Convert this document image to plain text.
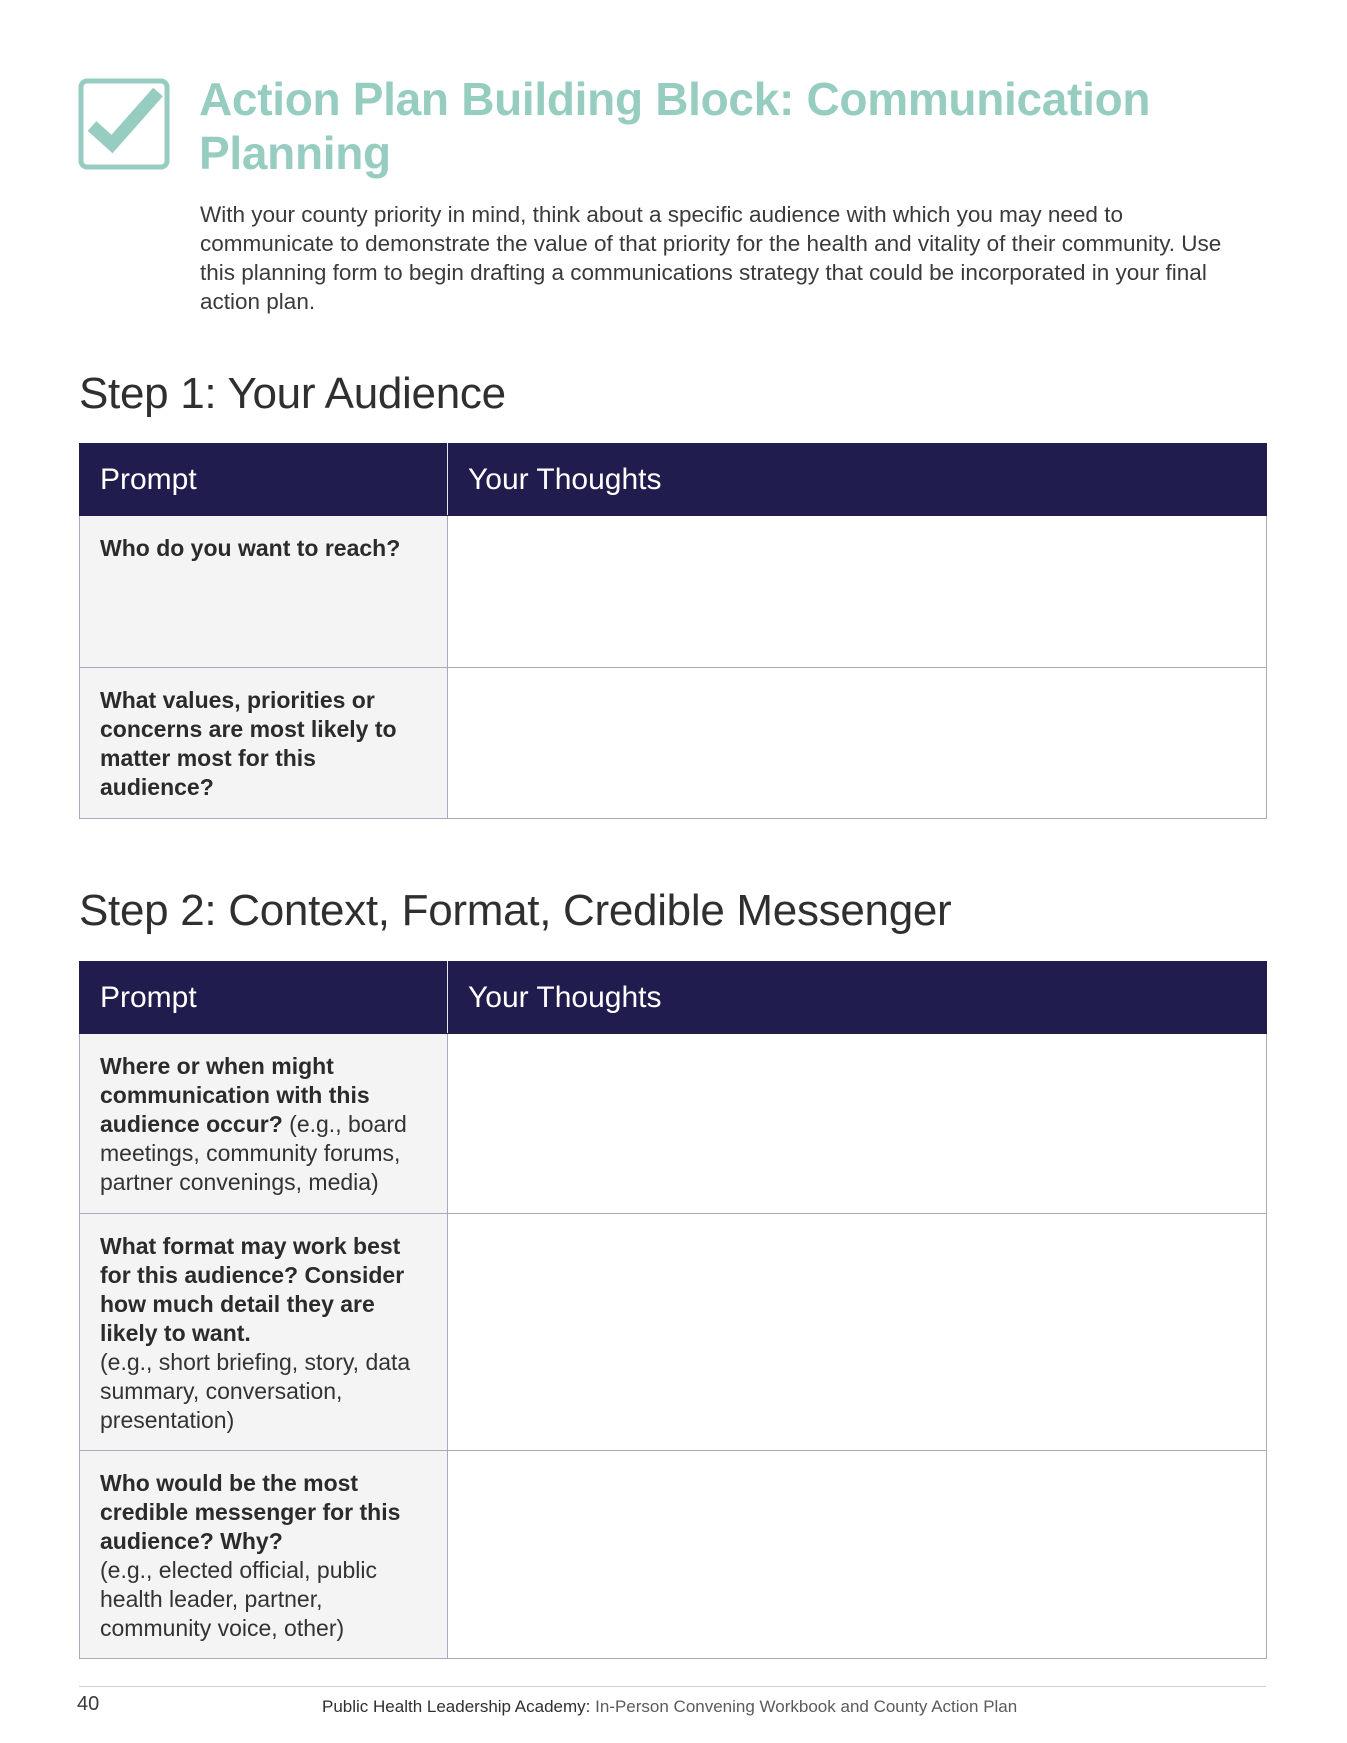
Action Plan Building Block: Communication
Planning

With your county priority in mind, think about a specific audience with which you may need to communicate to demonstrate the value of that priority for the health and vitality of their community. Use this planning form to begin drafting a communications strategy that could be incorporated in your final action plan.

Step 1: Your Audience
Prompt	Your Thoughts
Who do you want to reach?	
What values, priorities or concerns are most likely to matter most for this audience?	
Step 2: Context, Format, Credible Messenger
Prompt	Your Thoughts
Where or when might communication with this audience occur? (e.g., board meetings, community forums, partner convenings, media)	
What format may work best for this audience? Consider how much detail they are likely to want.
(e.g., short briefing, story, data summary, conversation, presentation)	
Who would be the most credible messenger for this audience? Why?
(e.g., elected official, public health leader, partner, community voice, other)	
40	Public Health Leadership Academy: In-Person Convening Workbook and County Action Plan
